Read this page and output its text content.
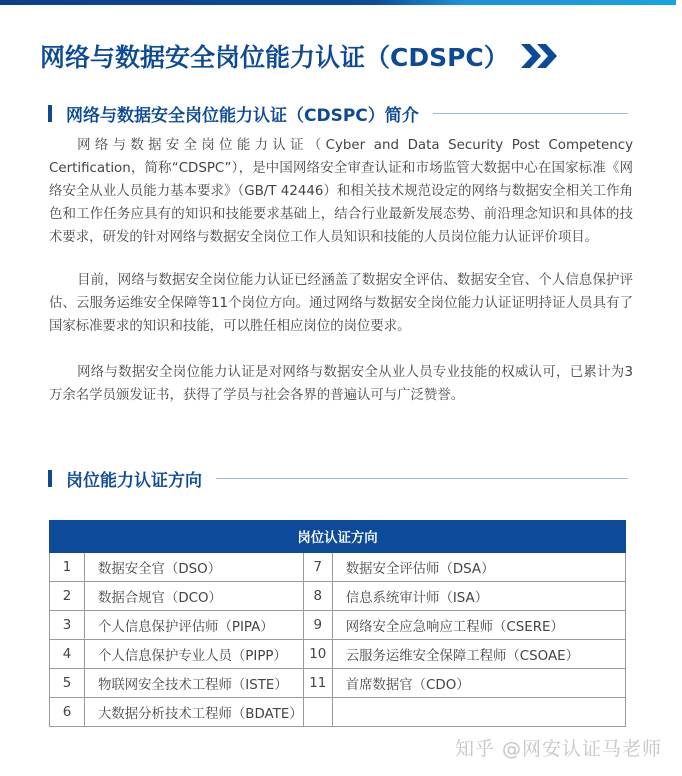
网络与数据安全岗位能力认证（CDSPC）
网络与数据安全岗位能力认证（CDSPC）简介

网络与数据安全岗位能力认证（Cyber and Data Security Post Competency Certification，简称“CDSPC”），是中国网络安全审查认证和市场监管大数据中心在国家标准《网络安全从业人员能力基本要求》（GB/T 42446）和相关技术规范设定的网络与数据安全相关工作角色和工作任务应具有的知识和技能要求基础上，结合行业最新发展态势、前沿理念知识和具体的技术要求，研发的针对网络与数据安全岗位工作人员知识和技能的人员岗位能力认证评价项目。

目前，网络与数据安全岗位能力认证已经涵盖了数据安全评估、数据安全官、个人信息保护评估、云服务运维安全保障等11个岗位方向。通过网络与数据安全岗位能力认证证明持证人员具有了国家标准要求的知识和技能，可以胜任相应岗位的岗位要求。

网络与数据安全岗位能力认证是对网络与数据安全从业人员专业技能的权威认可，已累计为3万余名学员颁发证书，获得了学员与社会各界的普遍认可与广泛赞誉。

岗位能力认证方向
岗位认证方向			
1	数据安全官（DSO）	7	数据安全评估师（DSA）
2	数据合规官（DCO）	8	信息系统审计师（ISA）
3	个人信息保护评估师（PIPA）	9	网络安全应急响应工程师（CSERE）
4	个人信息保护专业人员（PIPP）	10	云服务运维安全保障工程师（CSOAE）
5	物联网安全技术工程师（ISTE）	11	首席数据官（CDO）
6	大数据分析技术工程师（BDATE）		
知乎 @网安认证马老师
